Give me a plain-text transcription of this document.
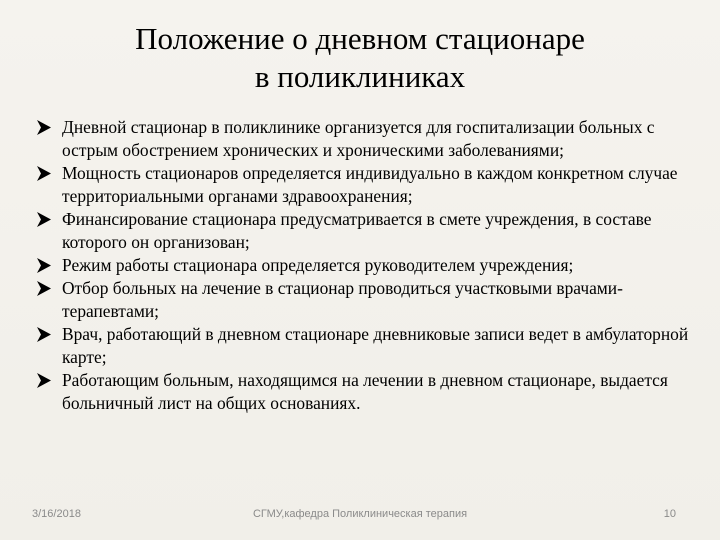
Положение о дневном стационаре
в поликлиниках
Дневной стационар в поликлинике организуется для госпитализации больных с острым обострением хронических и хроническими заболеваниями;
Мощность стационаров определяется индивидуально в каждом конкретном случае территориальными органами здравоохранения;
Финансирование стационара предусматривается в смете учреждения, в составе которого он организован;
Режим работы стационара определяется руководителем учреждения;
Отбор больных на лечение в стационар проводиться участковыми врачами-терапевтами;
Врач, работающий в дневном стационаре дневниковые записи ведет в амбулаторной карте;
Работающим больным, находящимся на лечении в дневном стационаре, выдается больничный лист на общих основаниях.
3/16/2018	СГМУ,кафедра Поликлиническая терапия	10
